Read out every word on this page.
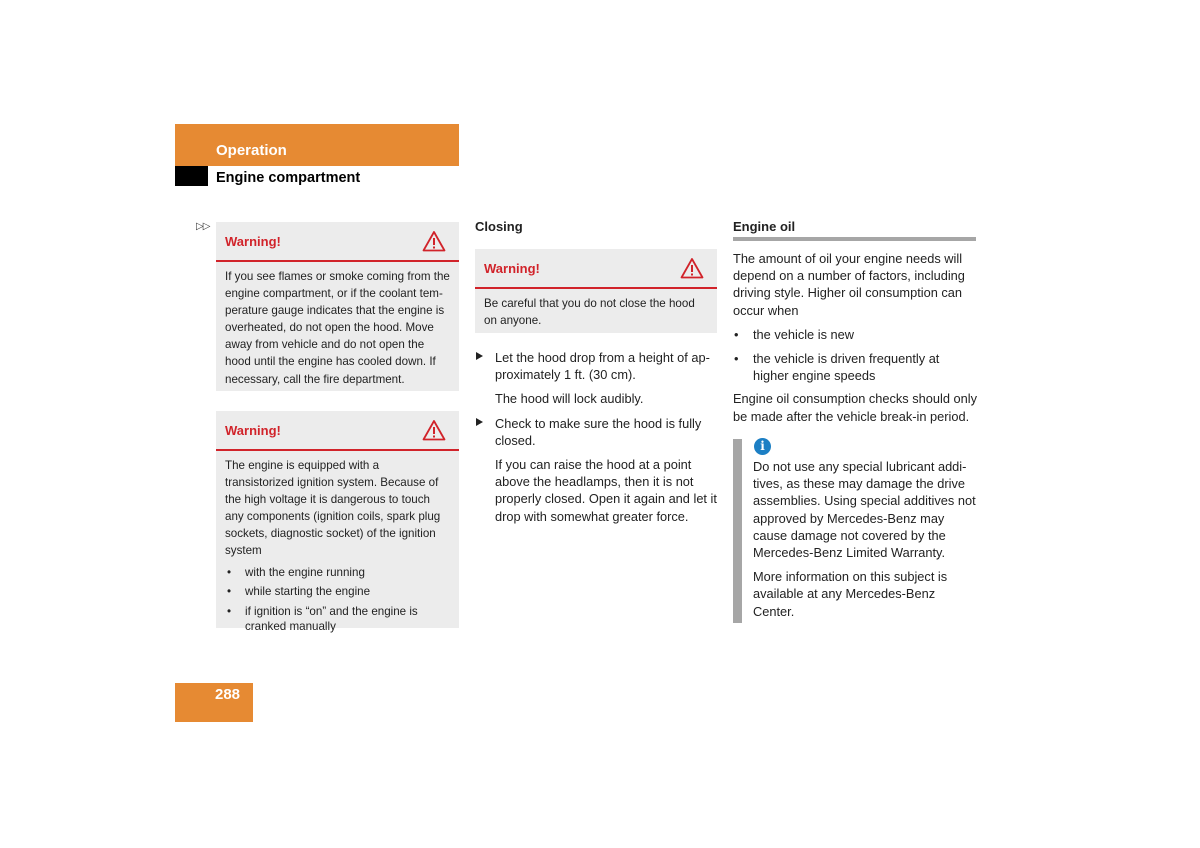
Operation
Engine compartment
▷▷
Warning!

If you see flames or smoke coming from the engine compartment, or if the coolant temperature gauge indicates that the engine is overheated, do not open the hood. Move away from vehicle and do not open the hood until the engine has cooled down. If necessary, call the fire department.

Warning!

The engine is equipped with a transistorized ignition system. Because of the high voltage it is dangerous to touch any components (ignition coils, spark plug sockets, diagnostic socket) of the ignition system

• with the engine running
• while starting the engine
• if ignition is “on” and the engine is cranked manually
Closing
Warning!

Be careful that you do not close the hood on anyone.

Let the hood drop from a height of approximately 1 ft. (30 cm).

The hood will lock audibly.

Check to make sure the hood is fully closed.

If you can raise the hood at a point above the headlamps, then it is not properly closed. Open it again and let it drop with somewhat greater force.

Engine oil

The amount of oil your engine needs will depend on a number of factors, including driving style. Higher oil consumption can occur when

• the vehicle is new
• the vehicle is driven frequently at higher engine speeds

Engine oil consumption checks should only be made after the vehicle break-in period.

i

Do not use any special lubricant additives, as these may damage the drive assemblies. Using special additives not approved by Mercedes-Benz may cause damage not covered by the Mercedes-Benz Limited Warranty.

More information on this subject is available at any Mercedes-Benz Center.

288
